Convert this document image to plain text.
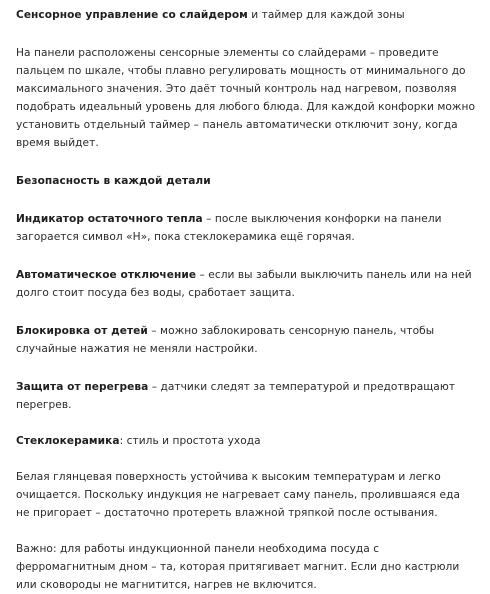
Сенсорное управление со слайдером и таймер для каждой зоны

На панели расположены сенсорные элементы со слайдерами – проведите пальцем по шкале, чтобы плавно регулировать мощность от минимального до максимального значения. Это даёт точный контроль над нагревом, позволяя подобрать идеальный уровень для любого блюда. Для каждой конфорки можно установить отдельный таймер – панель автоматически отключит зону, когда время выйдет.

Безопасность в каждой детали

Индикатор остаточного тепла – после выключения конфорки на панели загорается символ «Н», пока стеклокерамика ещё горячая.

Автоматическое отключение – если вы забыли выключить панель или на ней долго стоит посуда без воды, сработает защита.

Блокировка от детей – можно заблокировать сенсорную панель, чтобы случайные нажатия не меняли настройки.

Защита от перегрева – датчики следят за температурой и предотвращают перегрев.

Стеклокерамика: стиль и простота ухода

Белая глянцевая поверхность устойчива к высоким температурам и легко очищается. Поскольку индукция не нагревает саму панель, пролившаяся еда не пригорает – достаточно протереть влажной тряпкой после остывания.

Важно: для работы индукционной панели необходима посуда с ферромагнитным дном – та, которая притягивает магнит. Если дно кастрюли или сковороды не магнитится, нагрев не включится.
